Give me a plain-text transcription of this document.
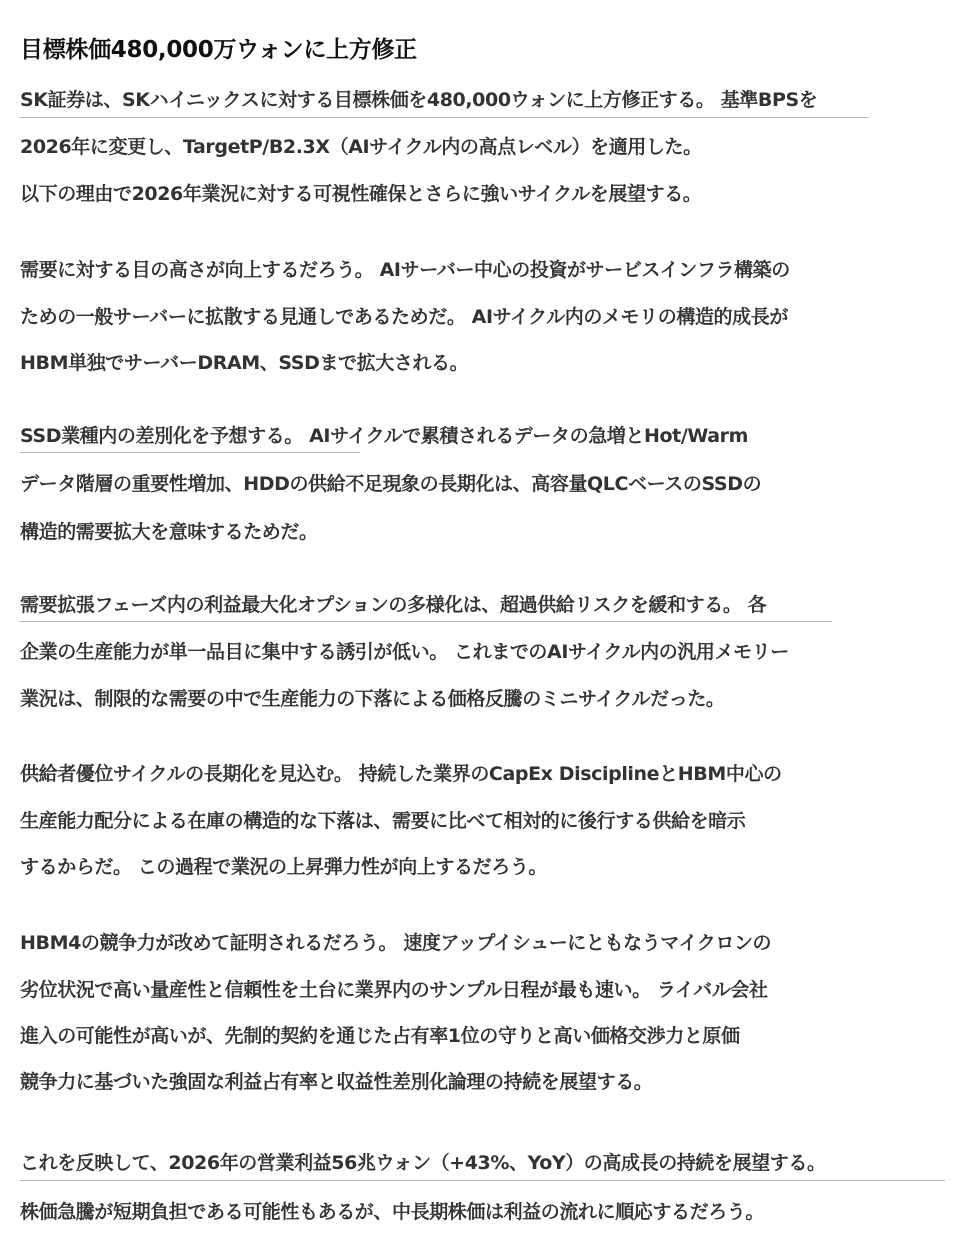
目標株価480,000万ウォンに上方修正
SK証券は、SKハイニックスに対する目標株価を480,000ウォンに上方修正する。 基準BPSを
2026年に変更し、TargetP/B2.3X（AIサイクル内の高点レベル）を適用した。
以下の理由で2026年業況に対する可視性確保とさらに強いサイクルを展望する。
需要に対する目の高さが向上するだろう。 AIサーバー中心の投資がサービスインフラ構築の
ための一般サーバーに拡散する見通しであるためだ。 AIサイクル内のメモリの構造的成長が
HBM単独でサーバーDRAM、SSDまで拡大される。
SSD業種内の差別化を予想する。 AIサイクルで累積されるデータの急増とHot/Warm
データ階層の重要性増加、HDDの供給不足現象の長期化は、高容量QLCベースのSSDの
構造的需要拡大を意味するためだ。
需要拡張フェーズ内の利益最大化オプションの多様化は、超過供給リスクを緩和する。 各
企業の生産能力が単一品目に集中する誘引が低い。 これまでのAIサイクル内の汎用メモリー
業況は、制限的な需要の中で生産能力の下落による価格反騰のミニサイクルだった。
供給者優位サイクルの長期化を見込む。 持続した業界のCapEx DisciplineとHBM中心の
生産能力配分による在庫の構造的な下落は、需要に比べて相対的に後行する供給を暗示
するからだ。 この過程で業況の上昇弾力性が向上するだろう。
HBM4の競争力が改めて証明されるだろう。 速度アップイシューにともなうマイクロンの
劣位状況で高い量産性と信頼性を土台に業界内のサンプル日程が最も速い。 ライバル会社
進入の可能性が高いが、先制的契約を通じた占有率1位の守りと高い価格交渉力と原価
競争力に基づいた強固な利益占有率と収益性差別化論理の持続を展望する。
これを反映して、2026年の営業利益56兆ウォン（+43%、YoY）の高成長の持続を展望する。
株価急騰が短期負担である可能性もあるが、中長期株価は利益の流れに順応するだろう。
